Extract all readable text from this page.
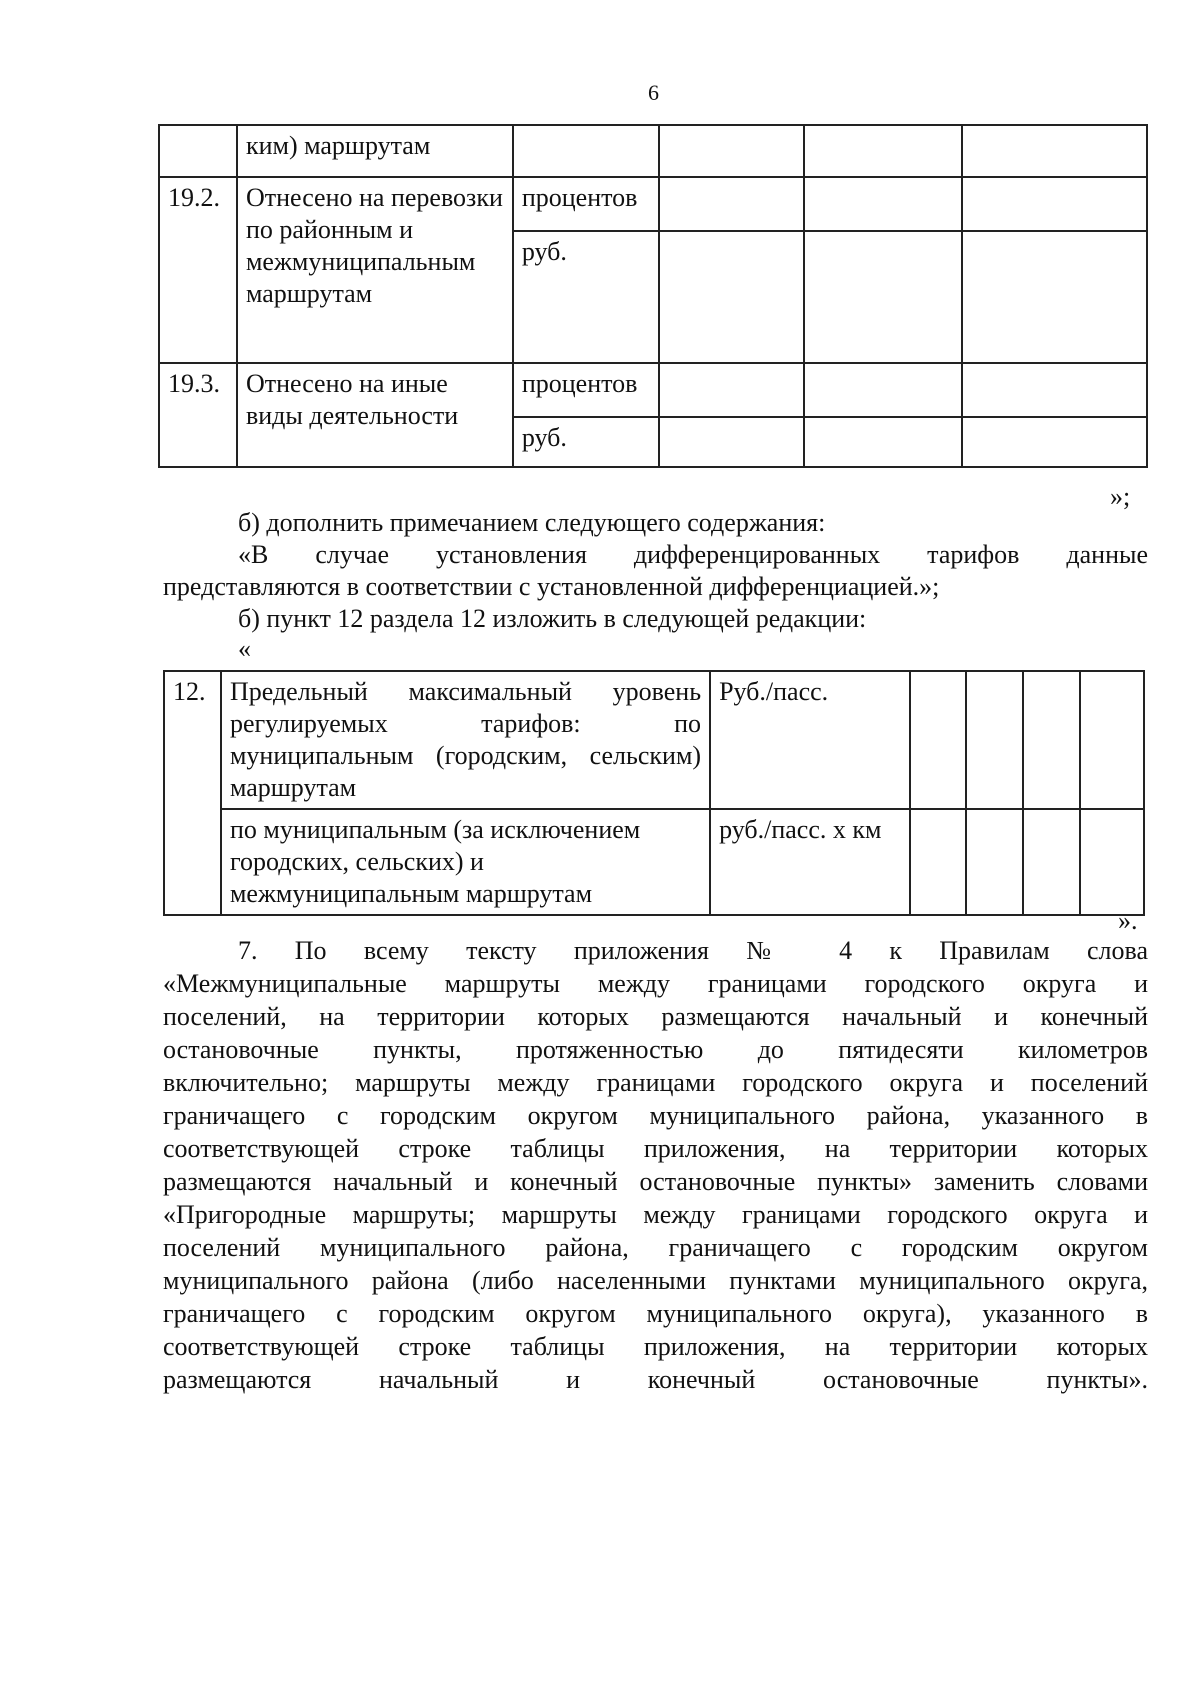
6
	ким) маршрутам				
19.2.	Отнесено на перевозки по районным и межмуниципальным маршрутам	процентов			
		руб.			
19.3.	Отнесено на иные виды деятельности	процентов			
		руб.			
»;
б) дополнить примечанием следующего содержания:
«В случае установления дифференцированных тарифов данные
представляются в соответствии с установленной дифференциацией.»;
б) пункт 12 раздела 12 изложить в следующей редакции:
«
12.	Предельный максимальный уровень регулируемых тарифов: по муниципальным (городским, сельским) маршрутам	Руб./пасс.				
	по муниципальным (за исключением городских, сельских) и межмуниципальным маршрутам	руб./пасс. x км				
».
7. По всему тексту приложения № 4 к Правилам слова
«Межмуниципальные маршруты между границами городского округа и
поселений, на территории которых размещаются начальный и конечный
остановочные пункты, протяженностью до пятидесяти километров
включительно; маршруты между границами городского округа и поселений
граничащего с городским округом муниципального района, указанного в
соответствующей строке таблицы приложения, на территории которых
размещаются начальный и конечный остановочные пункты» заменить словами
«Пригородные маршруты; маршруты между границами городского округа и
поселений муниципального района, граничащего с городским округом
муниципального района (либо населенными пунктами муниципального округа,
граничащего с городским округом муниципального округа), указанного в
соответствующей строке таблицы приложения, на территории которых
размещаются начальный и конечный остановочные пункты».
